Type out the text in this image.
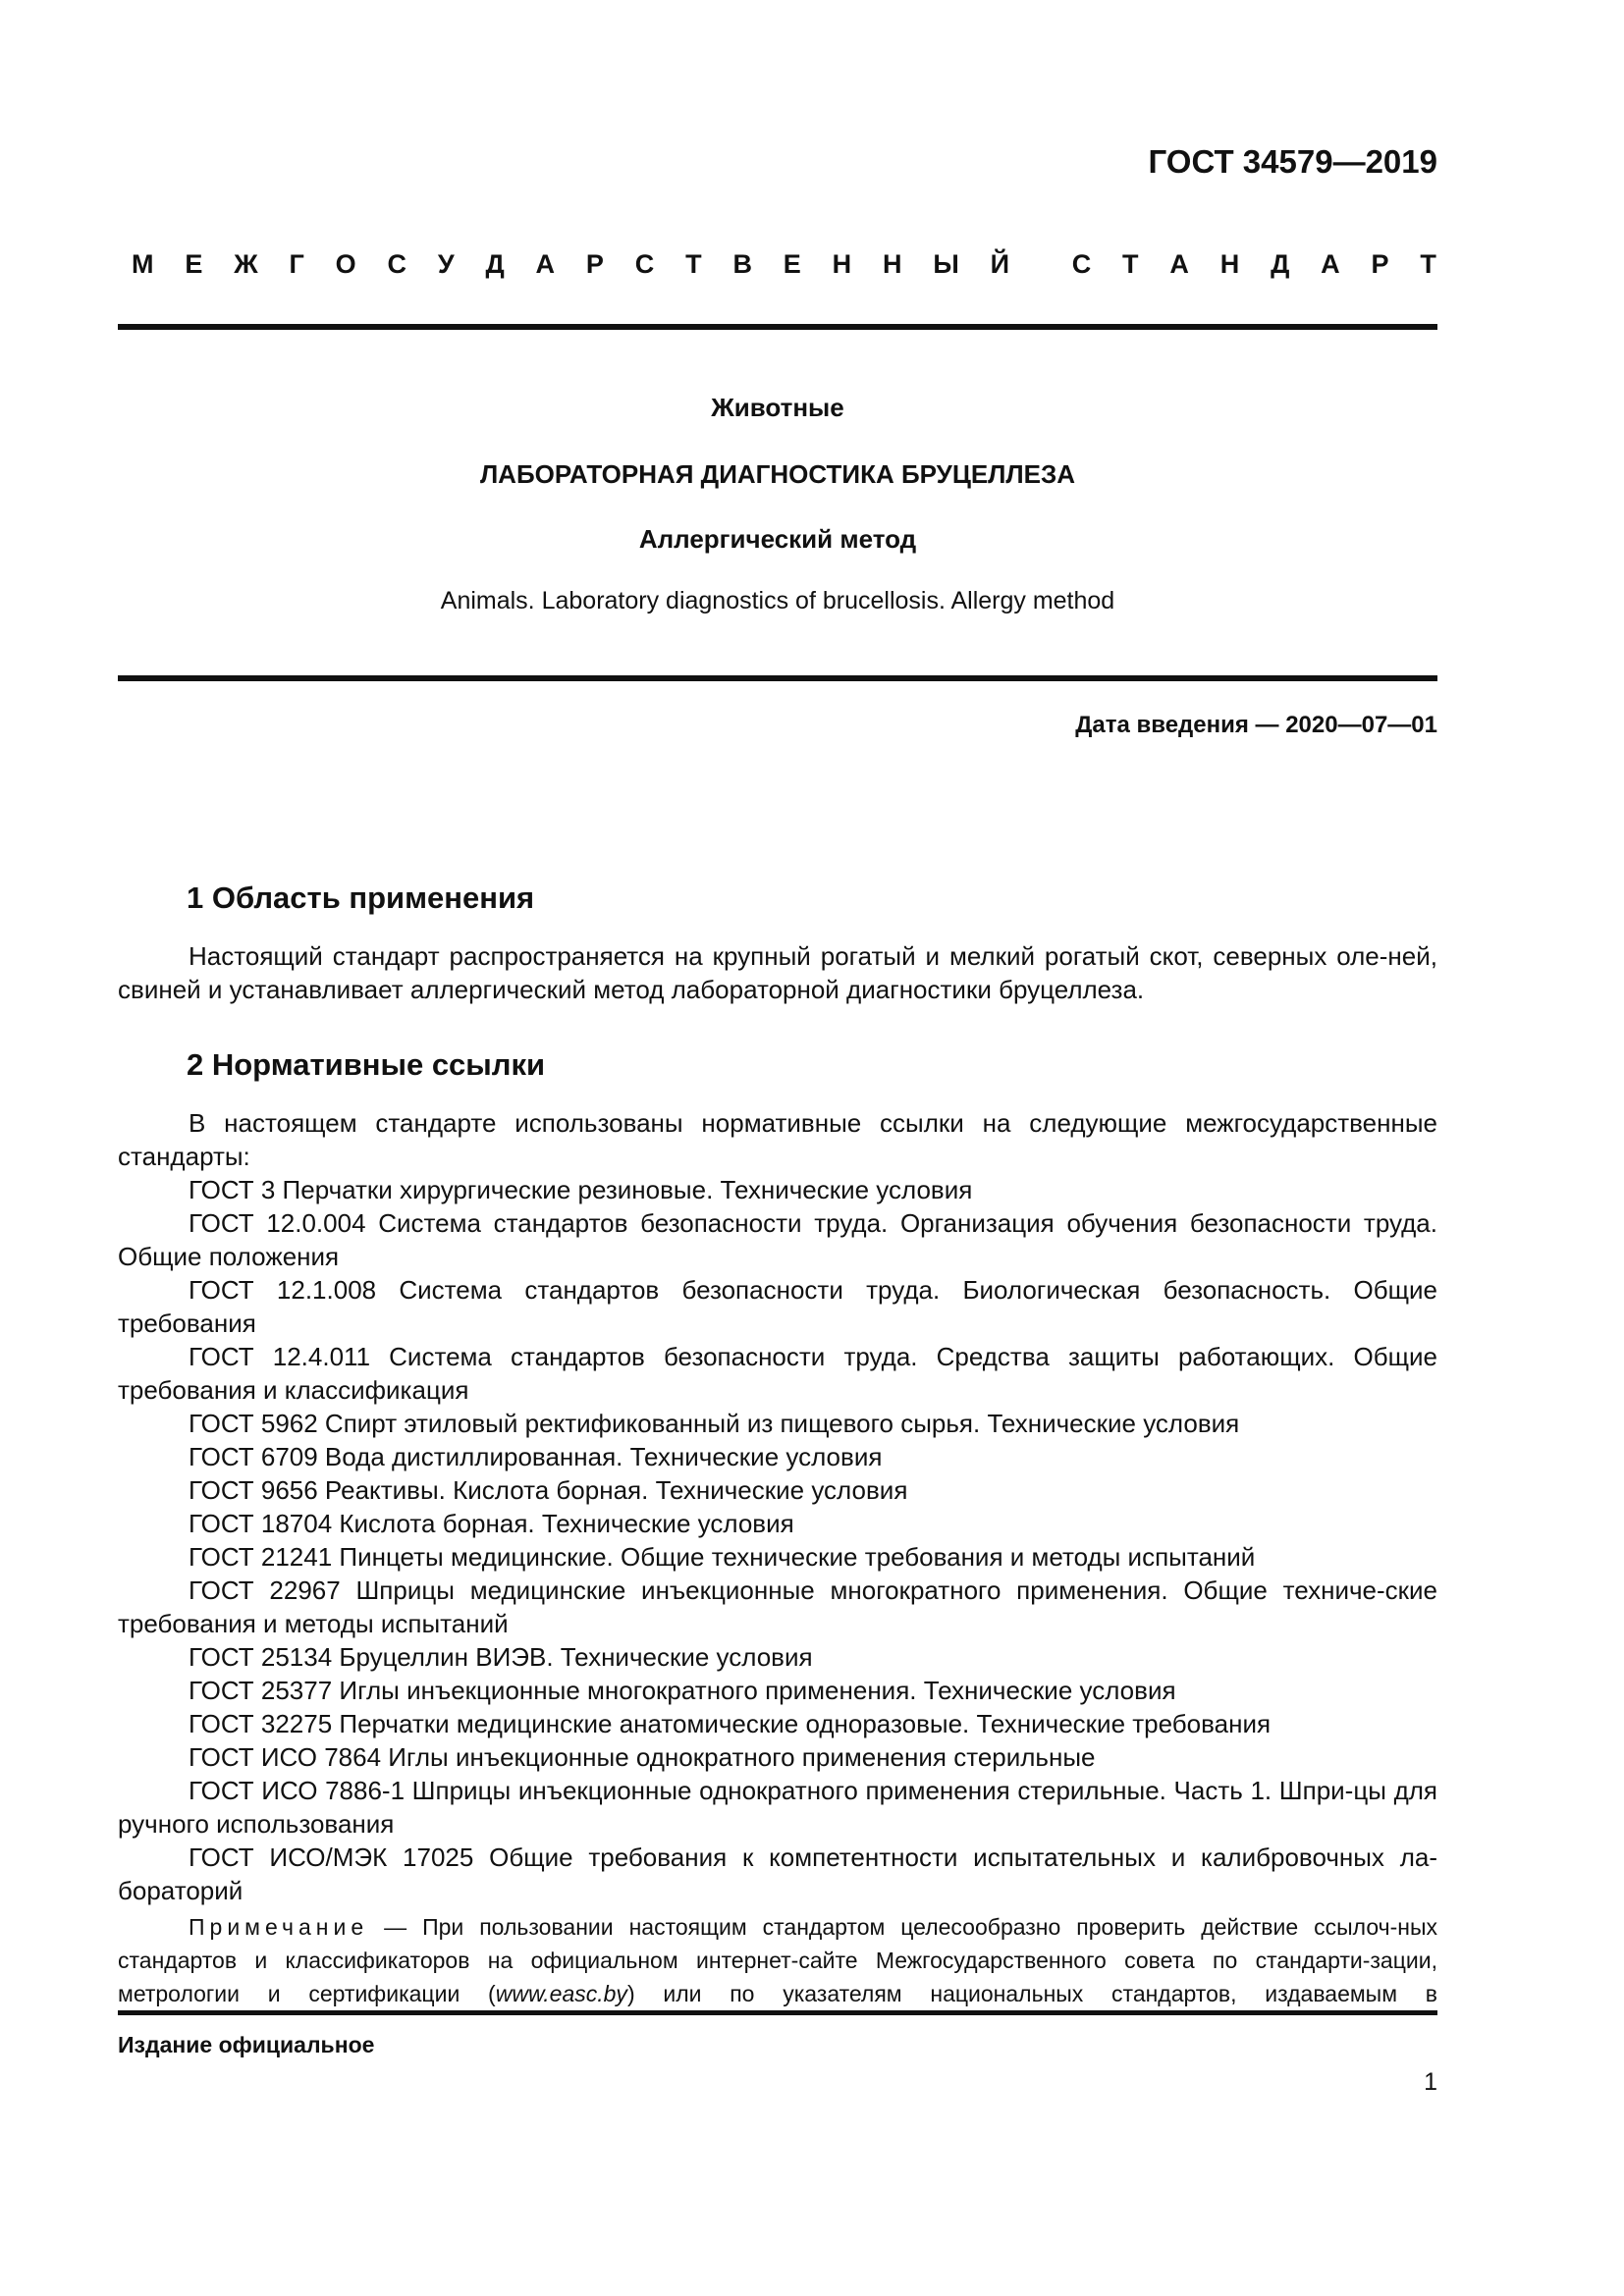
ГОСТ 34579—2019
М Е Ж Г О С У Д А Р С Т В Е Н Н Ы Й С Т А Н Д А Р Т
Животные
ЛАБОРАТОРНАЯ ДИАГНОСТИКА БРУЦЕЛЛЕЗА
Аллергический метод
Animals. Laboratory diagnostics of brucellosis. Allergy method
Дата введения — 2020—07—01
1 Область применения

Настоящий стандарт распространяется на крупный рогатый и мелкий рогатый скот, северных оле-ней, свиней и устанавливает аллергический метод лабораторной диагностики бруцеллеза.

2 Нормативные ссылки

В настоящем стандарте использованы нормативные ссылки на следующие межгосударственные стандарты:

ГОСТ 3 Перчатки хирургические резиновые. Технические условия
ГОСТ 12.0.004 Система стандартов безопасности труда. Организация обучения безопасности труда. Общие положения
ГОСТ 12.1.008 Система стандартов безопасности труда. Биологическая безопасность. Общие требования
ГОСТ 12.4.011 Система стандартов безопасности труда. Средства защиты работающих. Общие требования и классификация
ГОСТ 5962 Спирт этиловый ректификованный из пищевого сырья. Технические условия
ГОСТ 6709 Вода дистиллированная. Технические условия
ГОСТ 9656 Реактивы. Кислота борная. Технические условия
ГОСТ 18704 Кислота борная. Технические условия
ГОСТ 21241 Пинцеты медицинские. Общие технические требования и методы испытаний
ГОСТ 22967 Шприцы медицинские инъекционные многократного применения. Общие техниче-ские требования и методы испытаний
ГОСТ 25134 Бруцеллин ВИЭВ. Технические условия
ГОСТ 25377 Иглы инъекционные многократного применения. Технические условия
ГОСТ 32275 Перчатки медицинские анатомические одноразовые. Технические требования
ГОСТ ИСО 7864 Иглы инъекционные однократного применения стерильные
ГОСТ ИСО 7886-1 Шприцы инъекционные однократного применения стерильные. Часть 1. Шпри-цы для ручного использования
ГОСТ ИСО/МЭК 17025 Общие требования к компетентности испытательных и калибровочных ла-бораторий

Примечание — При пользовании настоящим стандартом целесообразно проверить действие ссылоч-ных стандартов и классификаторов на официальном интернет-сайте Межгосударственного совета по стандарти-зации, метрологии и сертификации (www.easc.by) или по указателям национальных стандартов, издаваемым в

Издание официальное
1
